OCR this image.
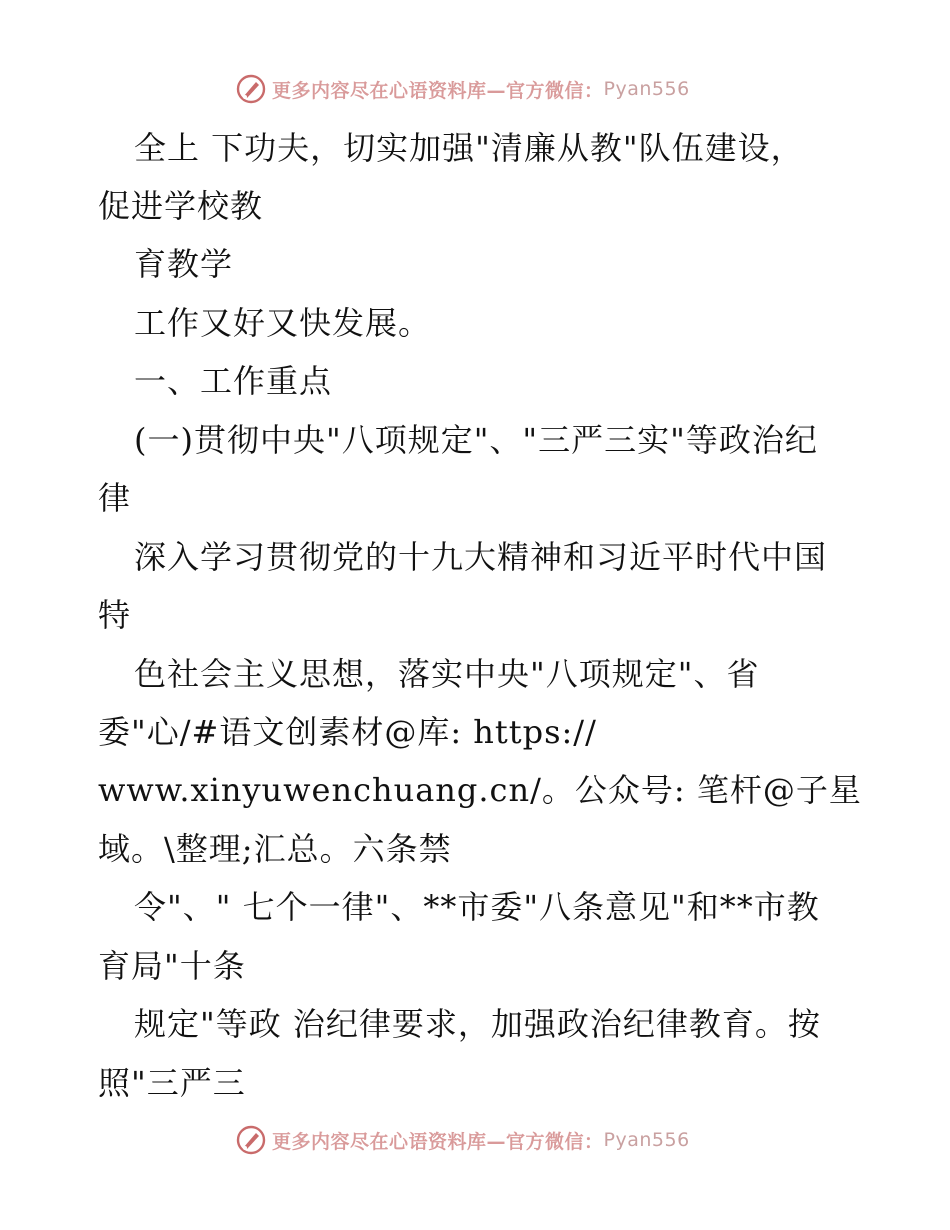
更多内容尽在心语资料库—官方微信： Pyan556
全上 下功夫，切实加强"清廉从教"队伍建设，
促进学校教
育教学
工作又好又快发展。
一、工作重点
(一)贯彻中央"八项规定"、"三严三实"等政治纪
律
深入学习贯彻党的十九大精神和习近平时代中国
特
色社会主义思想，落实中央"八项规定"、省
委"心/#语文创素材@库: https://
www.xinyuwenchuang.cn/。公众号: 笔杆@子星
域。\整理;汇总。六条禁
令"、" 七个一律"、**市委"八条意见"和**市教
育局"十条
规定"等政 治纪律要求，加强政治纪律教育。按
照"三严三
更多内容尽在心语资料库—官方微信： Pyan556
